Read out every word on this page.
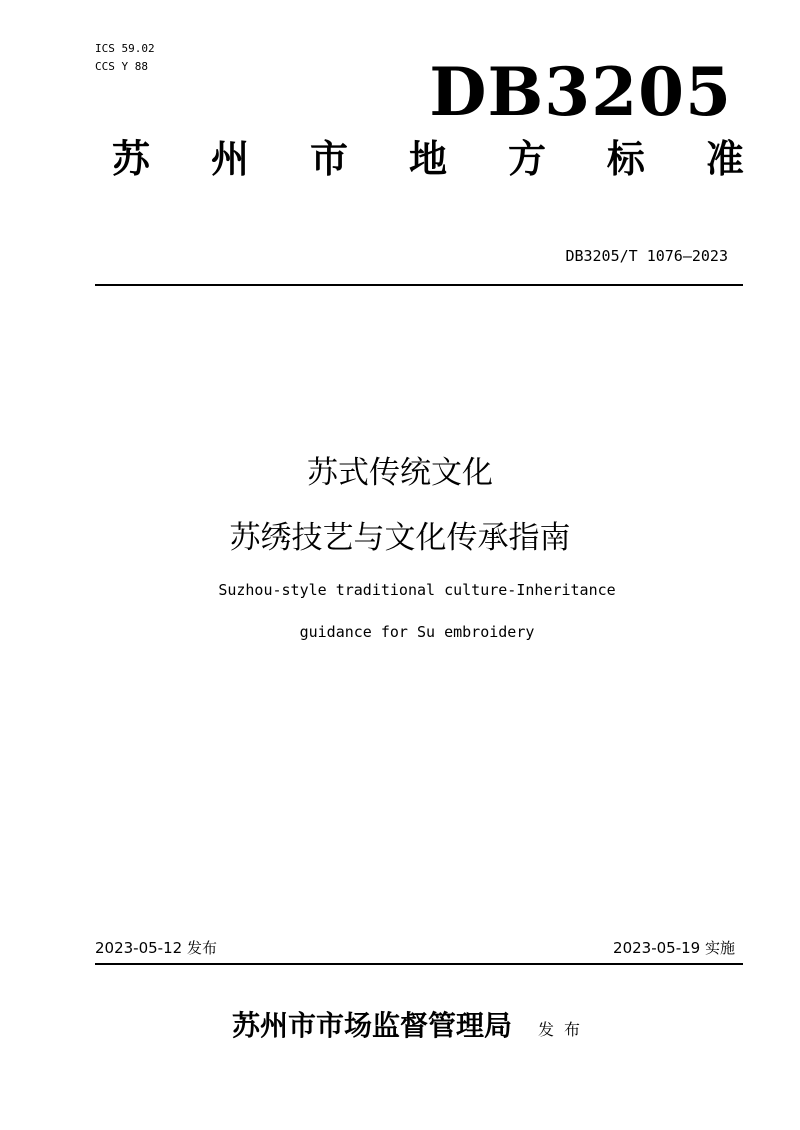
ICS 59.02
CCS Y 88	DB3205
苏 州 市 地 方 标 准
DB3205/T 1076—2023
苏式传统文化
苏绣技艺与文化传承指南
Suzhou-style traditional culture-Inheritance
guidance for Su embroidery
2023-05-12 发布	2023-05-19 实施
苏州市市场监督管理局 发布
